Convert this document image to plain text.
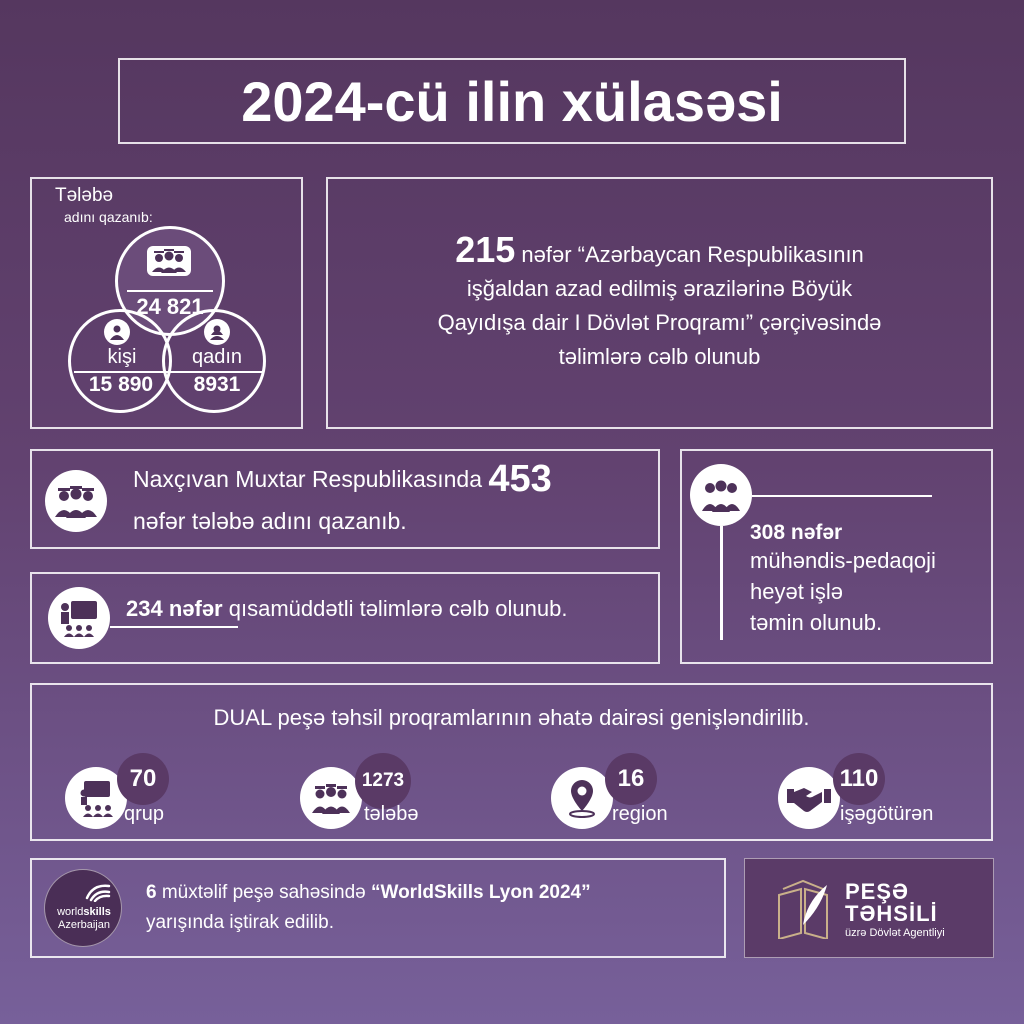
2024-cü ilin xülasəsi
Tələbə
adını qazanıb:
24 821
kişi
15 890
qadın
8931
215 nəfər “Azərbaycan Respublikasının
işğaldan azad edilmiş ərazilərinə Böyük
Qayıdışa dair I Dövlət Proqramı” çərçivəsində
təlimlərə cəlb olunub
Naxçıvan Muxtar Respublikasında 453
nəfər tələbə adını qazanıb.
234 nəfər qısamüddətli təlimlərə cəlb olunub.
308 nəfər
mühəndis-pedaqoji
heyət işlə
təmin olunub.
DUAL peşə təhsil proqramlarının əhatə dairəsi genişləndirilib.
70
qrup
1273
tələbə
16
region
110
işəgötürən
worldskills
Azerbaijan
6 müxtəlif peşə sahəsində “WorldSkills Lyon 2024”
yarışında iştirak edilib.
PEŞƏ
TƏHSİLİ
üzrə Dövlət Agentliyi
